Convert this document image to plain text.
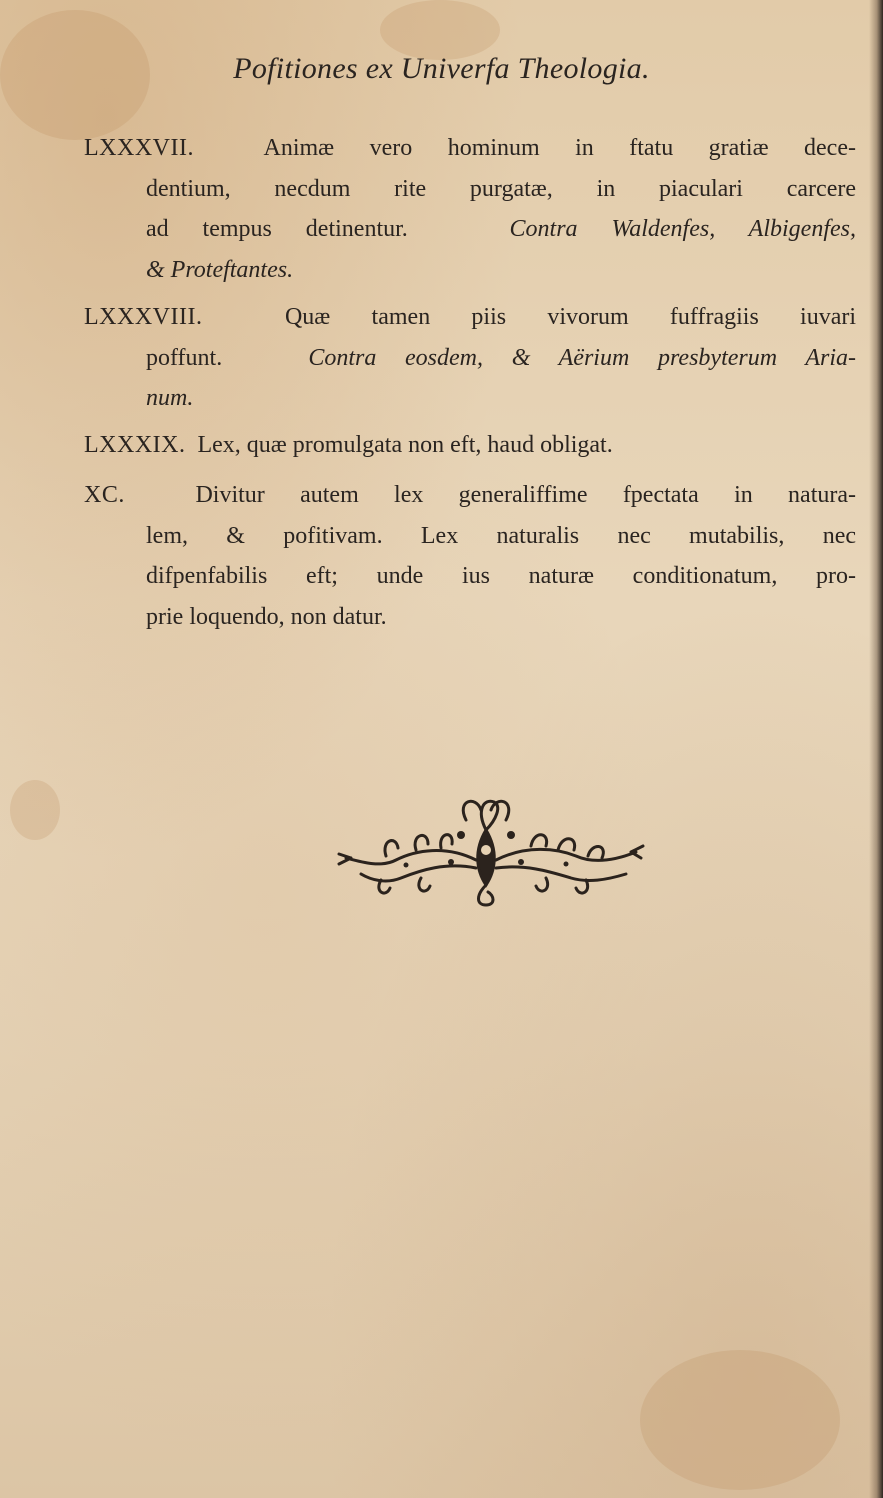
Pofitiones ex Univerfa Theologia.
LXXXVII.	Animæ vero hominum in ftatu gratiæ dece-
dentium, necdum rite purgatæ, in piaculari carcere
ad tempus detinentur.	Contra Waldenfes, Albigenfes,
& Proteftantes.
LXXXVIII.	Quæ tamen piis vivorum fuffragiis iuvari
poffunt.	Contra eosdem, & Aërium presbyterum Aria-
num.
LXXXIX. Lex, quæ promulgata non eft, haud obligat.
XC.	Divitur autem lex generaliffime fpectata in natura-
lem, & pofitivam. Lex naturalis nec mutabilis, nec
difpenfabilis eft; unde ius naturæ conditionatum, pro-
prie loquendo, non datur.
